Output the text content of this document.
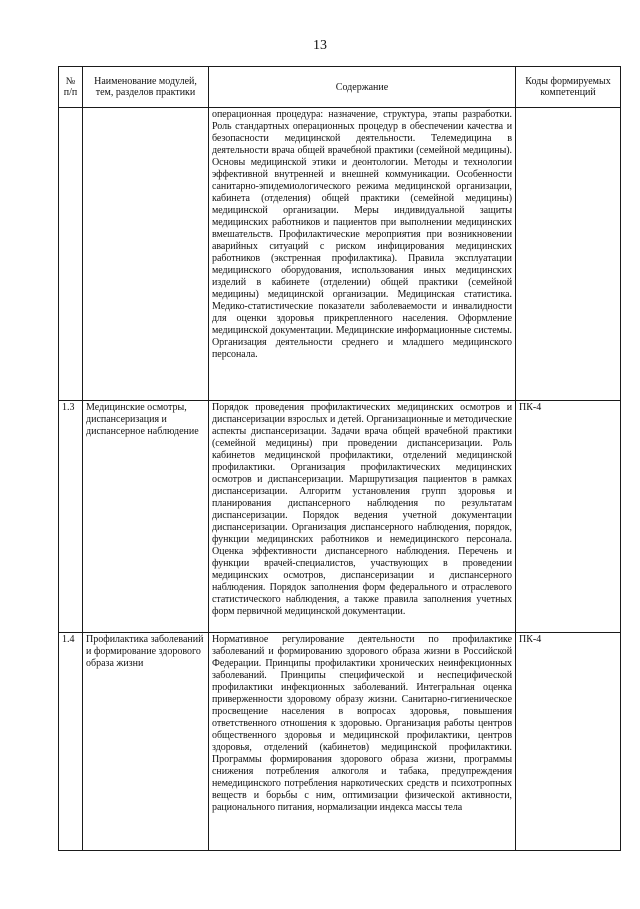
13
№ п/п	Наименование модулей, тем, разделов практики	Содержание	Коды формируемых компетенций
		операционная процедура: назначение, структура, этапы разработки. Роль стандартных операционных процедур в обеспечении качества и безопасности медицинской деятельности. Телемедицина в деятельности врача общей врачебной практики (семейной медицины). Основы медицинской этики и деонтологии. Методы и технологии эффективной внутренней и внешней коммуникации. Особенности санитарно-эпидемиологического режима медицинской организации, кабинета (отделения) общей практики (семейной медицины) медицинской организации. Меры индивидуальной защиты медицинских работников и пациентов при выполнении медицинских вмешательств. Профилактические мероприятия при возникновении аварийных ситуаций с риском инфицирования медицинских работников (экстренная профилактика). Правила эксплуатации медицинского оборудования, использования иных медицинских изделий в кабинете (отделении) общей практики (семейной медицины) медицинской организации. Медицинская статистика. Медико-статистические показатели заболеваемости и инвалидности для оценки здоровья прикрепленного населения. Оформление медицинской документации. Медицинские информационные системы. Организация деятельности среднего и младшего медицинского персонала.	
1.3	Медицинские осмотры, диспансеризация и диспансерное наблюдение	Порядок проведения профилактических медицинских осмотров и диспансеризации взрослых и детей. Организационные и методические аспекты диспансеризации. Задачи врача общей врачебной практики (семейной медицины) при проведении диспансеризации. Роль кабинетов медицинской профилактики, отделений медицинской профилактики. Организация профилактических медицинских осмотров и диспансеризации. Маршрутизация пациентов в рамках диспансеризации. Алгоритм установления групп здоровья и планирования диспансерного наблюдения по результатам диспансеризации. Порядок ведения учетной документации диспансеризации. Организация диспансерного наблюдения, порядок, функции медицинских работников и немедицинского персонала. Оценка эффективности диспансерного наблюдения. Перечень и функции врачей-специалистов, участвующих в проведении медицинских осмотров, диспансеризации и диспансерного наблюдения. Порядок заполнения форм федерального и отраслевого статистического наблюдения, а также правила заполнения учетных форм первичной медицинской документации.	ПК-4
1.4	Профилактика заболеваний и формирование здорового образа жизни	Нормативное регулирование деятельности по профилактике заболеваний и формированию здорового образа жизни в Российской Федерации. Принципы профилактики хронических неинфекционных заболеваний. Принципы специфической и неспецифической профилактики инфекционных заболеваний. Интегральная оценка приверженности здоровому образу жизни. Санитарно-гигиеническое просвещение населения в вопросах здоровья, повышения ответственного отношения к здоровью. Организация работы центров общественного здоровья и медицинской профилактики, центров здоровья, отделений (кабинетов) медицинской профилактики. Программы формирования здорового образа жизни, программы снижения потребления алкоголя и табака, предупреждения немедицинского потребления наркотических средств и психотропных веществ и борьбы с ним, оптимизации физической активности, рационального питания, нормализации индекса массы тела	ПК-4
